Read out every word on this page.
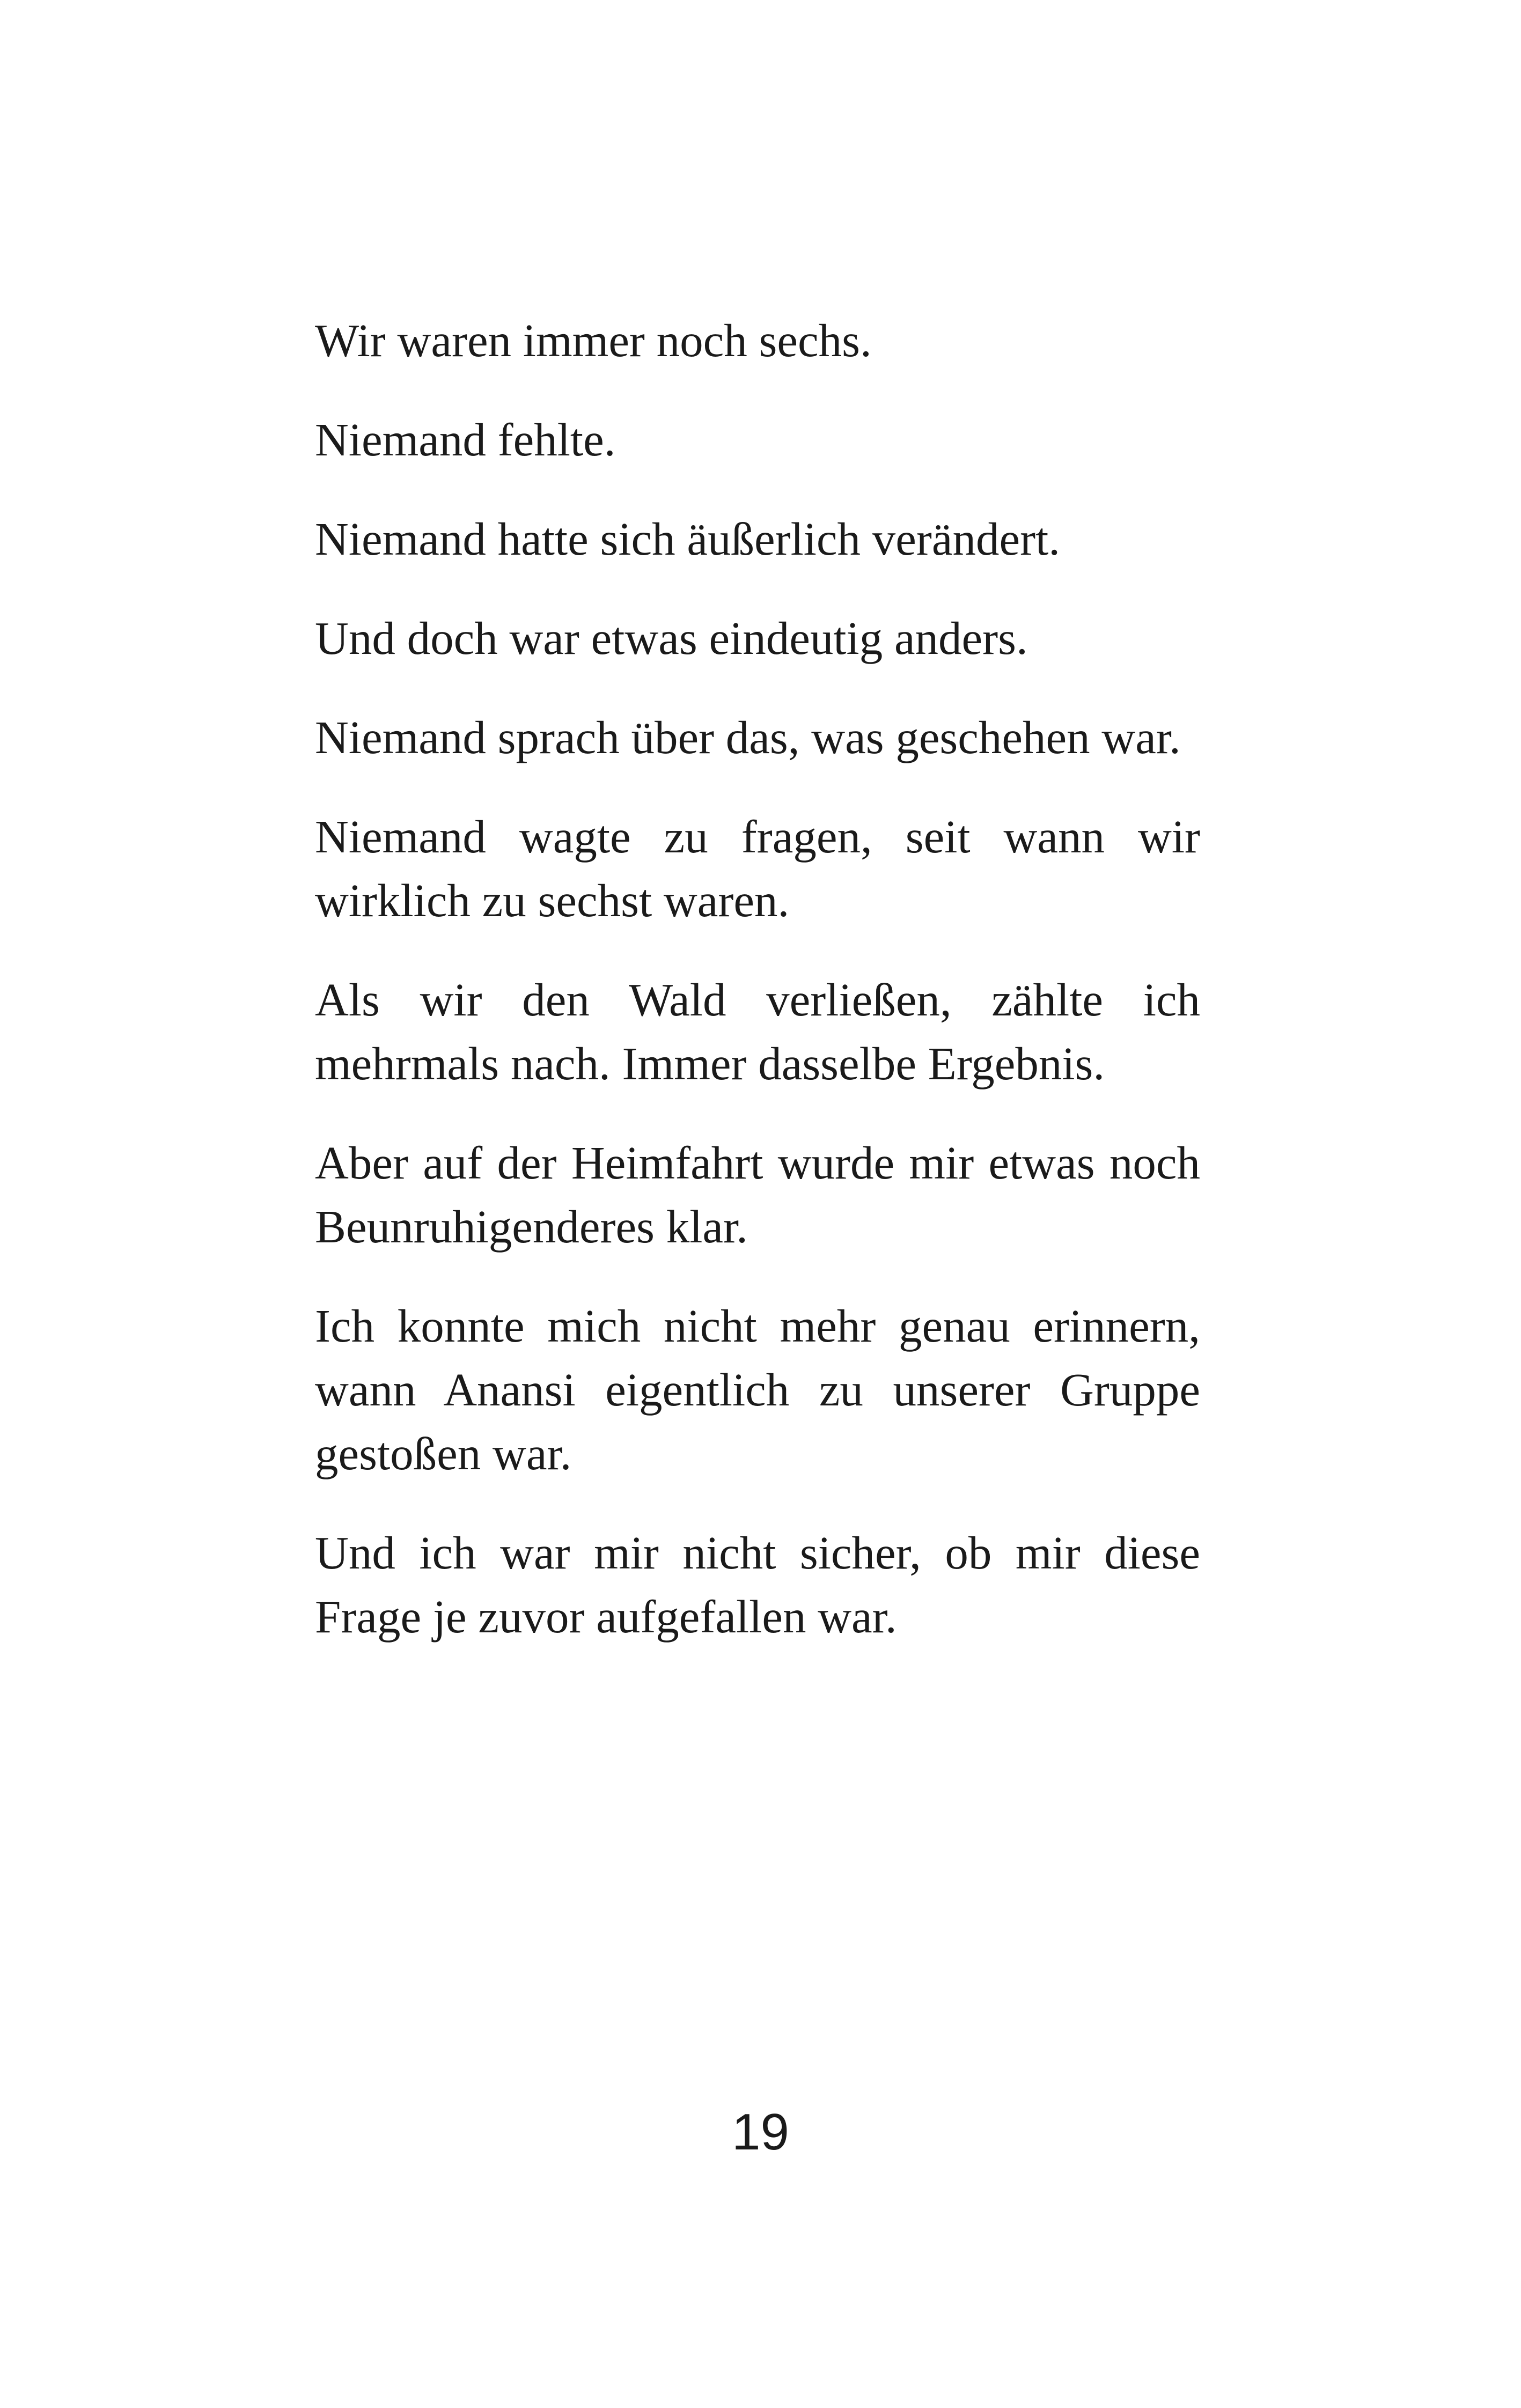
Wir waren immer noch sechs.

Niemand fehlte.

Niemand hatte sich äußerlich verändert.

Und doch war etwas eindeutig anders.

Niemand sprach über das, was geschehen war.

Niemand wagte zu fragen, seit wann wir wirklich zu sechst waren.

Als wir den Wald verließen, zählte ich mehrmals nach. Immer dasselbe Ergebnis.

Aber auf der Heimfahrt wurde mir etwas noch Beunruhigenderes klar.

Ich konnte mich nicht mehr genau erinnern, wann Anansi eigentlich zu unserer Gruppe gestoßen war.

Und ich war mir nicht sicher, ob mir diese Frage je zuvor aufgefallen war.

19
